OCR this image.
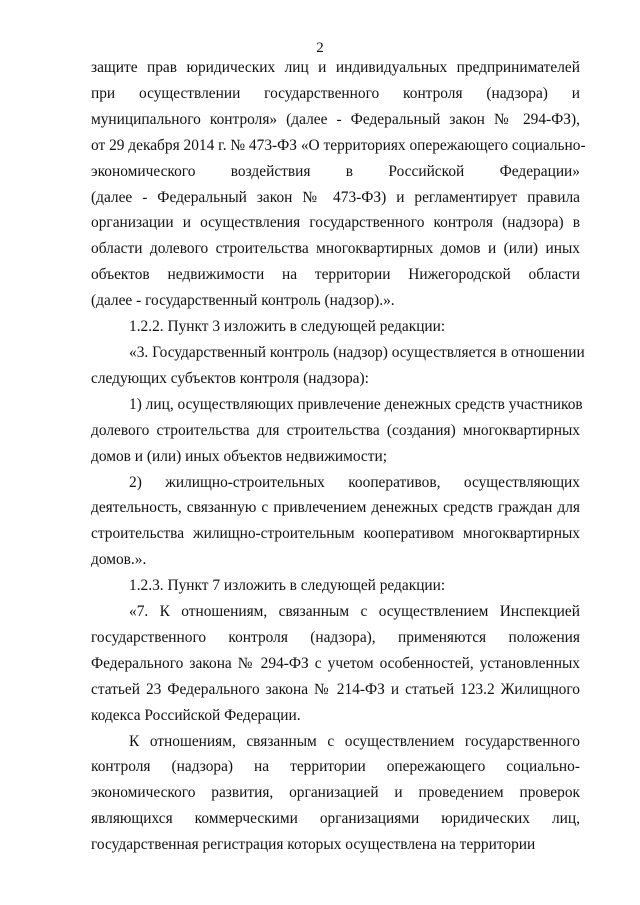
2
защите прав юридических лиц и индивидуальных предпринимателей
при осуществлении государственного контроля (надзора) и
муниципального контроля» (далее - Федеральный закон № 294-ФЗ),
от 29 декабря 2014 г. № 473-ФЗ «О территориях опережающего социально-
экономического воздействия в Российской Федерации»
(далее - Федеральный закон № 473-ФЗ) и регламентирует правила
организации и осуществления государственного контроля (надзора) в
области долевого строительства многоквартирных домов и (или) иных
объектов недвижимости на территории Нижегородской области
(далее - государственный контроль (надзор).».
1.2.2. Пункт 3 изложить в следующей редакции:
«3. Государственный контроль (надзор) осуществляется в отношении
следующих субъектов контроля (надзора):
1) лиц, осуществляющих привлечение денежных средств участников
долевого строительства для строительства (создания) многоквартирных
домов и (или) иных объектов недвижимости;
2) жилищно-строительных кооперативов, осуществляющих
деятельность, связанную с привлечением денежных средств граждан для
строительства жилищно-строительным кооперативом многоквартирных
домов.».
1.2.3. Пункт 7 изложить в следующей редакции:
«7. К отношениям, связанным с осуществлением Инспекцией
государственного контроля (надзора), применяются положения
Федерального закона № 294-ФЗ с учетом особенностей, установленных
статьей 23 Федерального закона № 214-ФЗ и статьей 123.2 Жилищного
кодекса Российской Федерации.
К отношениям, связанным с осуществлением государственного
контроля (надзора) на территории опережающего социально-
экономического развития, организацией и проведением проверок
являющихся коммерческими организациями юридических лиц,
государственная регистрация которых осуществлена на территории
